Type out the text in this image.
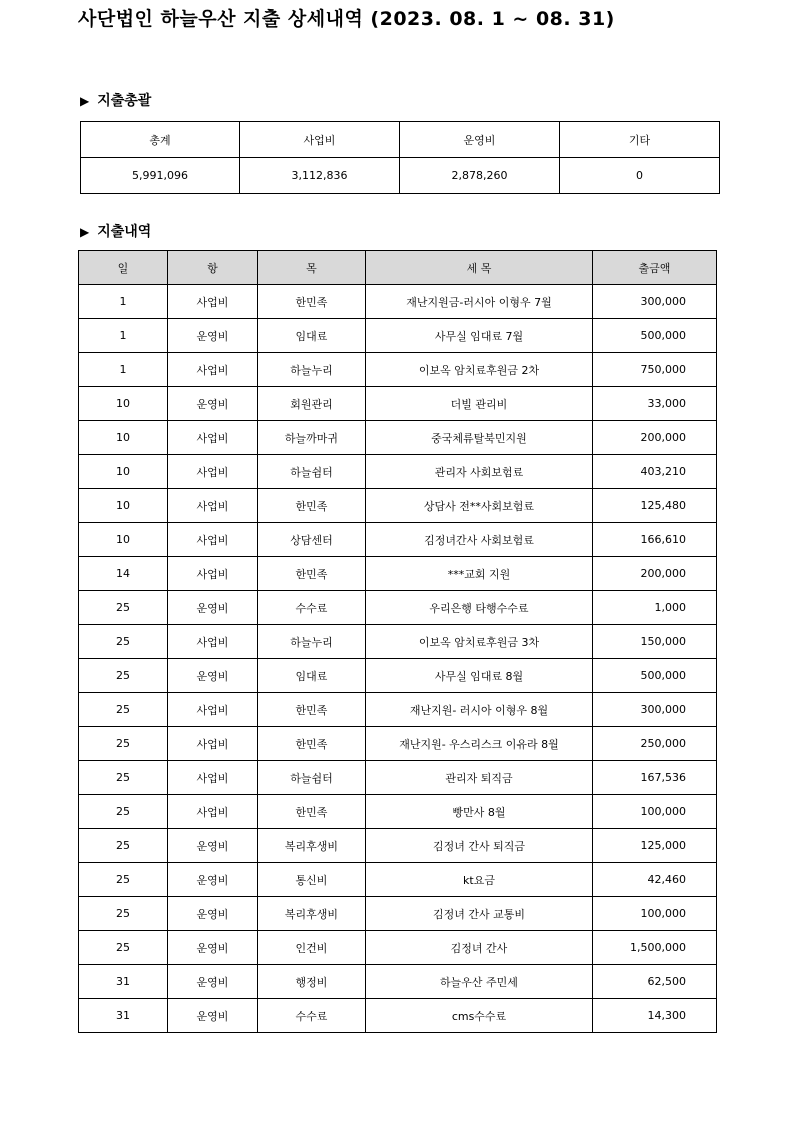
사단법인 하늘우산 지출 상세내역 (2023. 08. 1 ~ 08. 31)
▶ 지출총괄
총계	사업비	운영비	기타
5,991,096	3,112,836	2,878,260	0
▶ 지출내역
일	항	목	세 목	출금액
1	사업비	한민족	재난지원금-러시아 이형우 7월	300,000
1	운영비	임대료	사무실 임대료 7월	500,000
1	사업비	하늘누리	이보옥 암치료후원금 2차	750,000
10	운영비	회원관리	더빌 관리비	33,000
10	사업비	하늘까마귀	중국체류탈북민지원	200,000
10	사업비	하늘쉼터	관리자 사회보험료	403,210
10	사업비	한민족	상담사 전**사회보험료	125,480
10	사업비	상담센터	김정녀간사 사회보험료	166,610
14	사업비	한민족	***교회 지원	200,000
25	운영비	수수료	우리은행 타행수수료	1,000
25	사업비	하늘누리	이보옥 암치료후원금 3차	150,000
25	운영비	임대료	사무실 임대료 8월	500,000
25	사업비	한민족	재난지원- 러시아 이형우 8월	300,000
25	사업비	한민족	재난지원- 우스리스크 이유라 8월	250,000
25	사업비	하늘쉼터	관리자 퇴직금	167,536
25	사업비	한민족	빵만사 8월	100,000
25	운영비	복리후생비	김정녀 간사 퇴직금	125,000
25	운영비	통신비	kt요금	42,460
25	운영비	복리후생비	김정녀 간사 교통비	100,000
25	운영비	인건비	김정녀 간사	1,500,000
31	운영비	행정비	하늘우산 주민세	62,500
31	운영비	수수료	cms수수료	14,300
